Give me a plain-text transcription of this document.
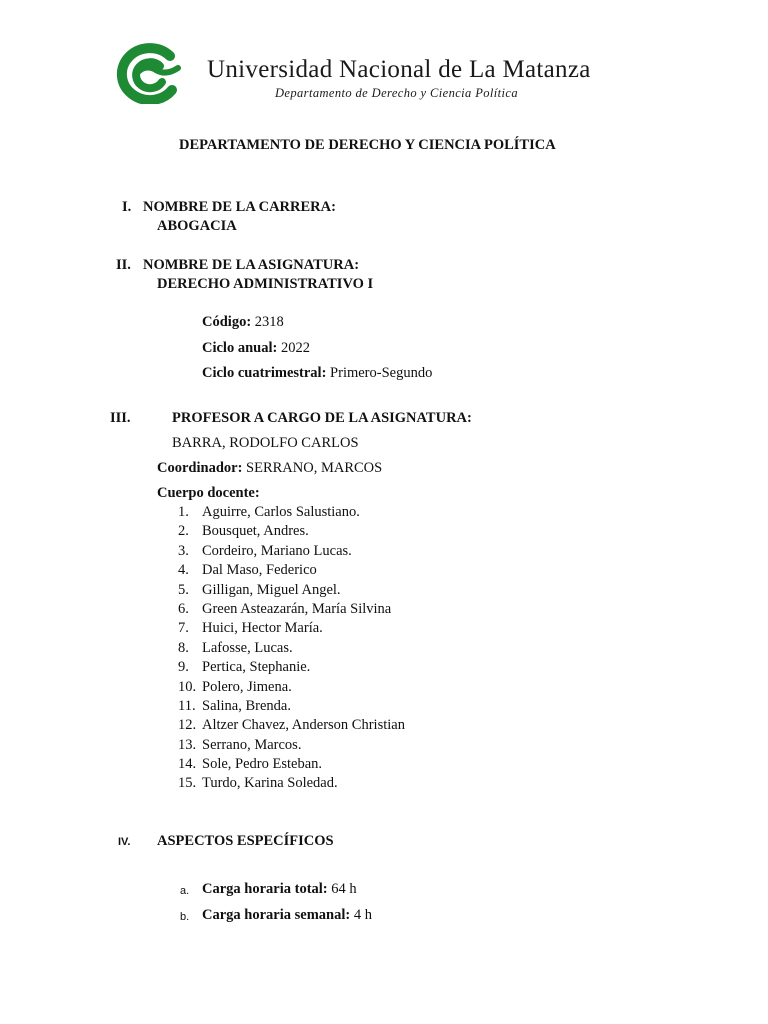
Universidad Nacional de La Matanza
Departamento de Derecho y Ciencia Política
DEPARTAMENTO DE DERECHO Y CIENCIA POLÍTICA
I. NOMBRE DE LA CARRERA:
ABOGACIA
II. NOMBRE DE LA ASIGNATURA:
DERECHO ADMINISTRATIVO I
Código: 2318
Ciclo anual: 2022
Ciclo cuatrimestral: Primero-Segundo
III.	PROFESOR A CARGO DE LA ASIGNATURA:
BARRA, RODOLFO CARLOS
Coordinador: SERRANO, MARCOS
Cuerpo docente:
1. Aguirre, Carlos Salustiano.
2. Bousquet, Andres.
3. Cordeiro, Mariano Lucas.
4. Dal Maso, Federico
5. Gilligan, Miguel Angel.
6. Green Asteazarán, María Silvina
7. Huici, Hector María.
8. Lafosse, Lucas.
9. Pertica, Stephanie.
10. Polero, Jimena.
11. Salina, Brenda.
12. Altzer Chavez, Anderson Christian
13. Serrano, Marcos.
14. Sole, Pedro Esteban.
15. Turdo, Karina Soledad.
IV. ASPECTOS ESPECÍFICOS
a. Carga horaria total: 64 h
b. Carga horaria semanal: 4 h
